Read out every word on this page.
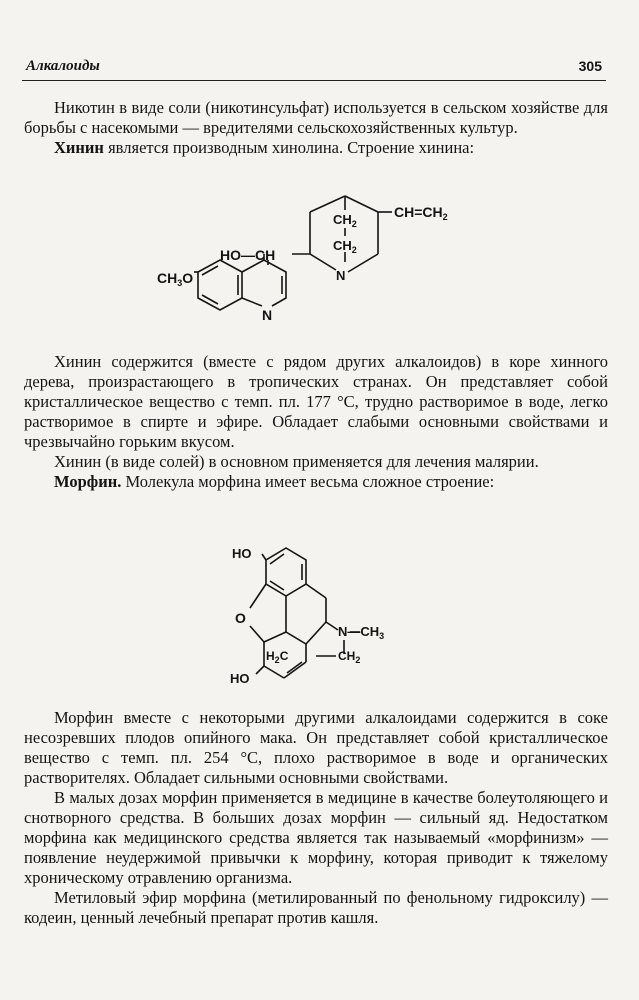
Алкалоиды	305

Никотин в виде соли (никотинсульфат) используется в сельском хозяйстве для борьбы с насекомыми — вредителями сельскохозяйственных культур.

Хинин является производным хинолина. Строение хинина:

HO—CH
$CH_3O$
N
$CH_2$
$CH_2$
N
$CH=CH_2$

Хинин содержится (вместе с рядом других алкалоидов) в коре хинного дерева, произрастающего в тропических странах. Он представляет собой кристаллическое вещество с темп. пл. 177 °С, трудно растворимое в воде, легко растворимое в спирте и эфире. Обладает слабыми основными свойствами и чрезвычайно горьким вкусом.

Хинин (в виде солей) в основном применяется для лечения малярии.

Морфин. Молекула морфина имеет весьма сложное строение:

HO
O
$N—CH_3$
$H_2C$	$CH_2$
HO

Морфин вместе с некоторыми другими алкалоидами содержится в соке несозревших плодов опийного мака. Он представляет собой кристаллическое вещество с темп. пл. 254 °С, плохо растворимое в воде и органических растворителях. Обладает сильными основными свойствами.

В малых дозах морфин применяется в медицине в качестве болеутоляющего и снотворного средства. В больших дозах морфин — сильный яд. Недостатком морфина как медицинского средства является так называемый «морфинизм» — появление неудержимой привычки к морфину, которая приводит к тяжелому хроническому отравлению организма.

Метиловый эфир морфина (метилированный по фенольному гидроксилу) — кодеин, ценный лечебный препарат против кашля.
